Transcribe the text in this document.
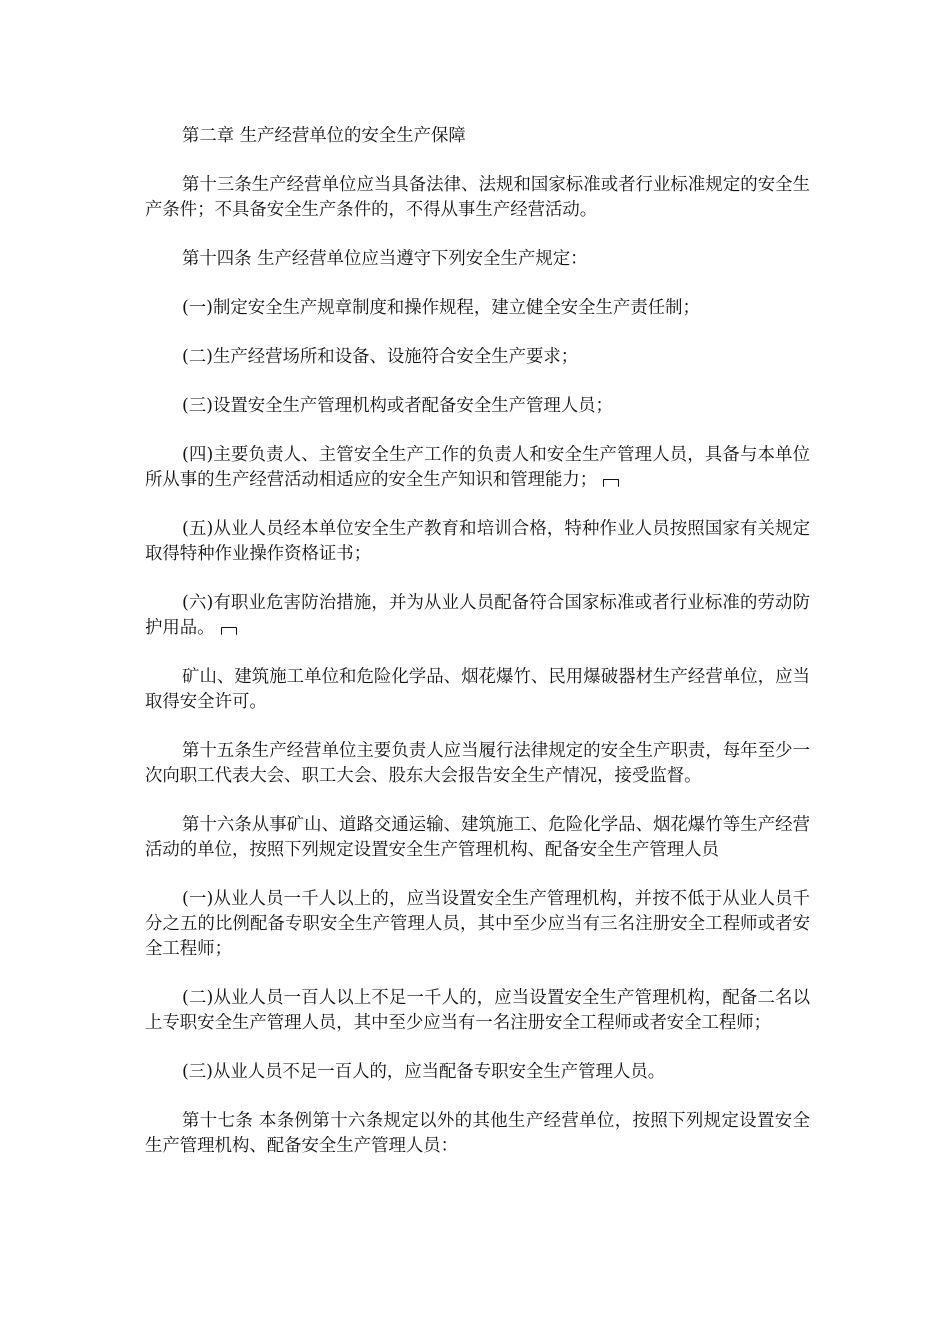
第二章 生产经营单位的安全生产保障

第十三条生产经营单位应当具备法律、法规和国家标准或者行业标准规定的安全生产条件；不具备安全生产条件的，不得从事生产经营活动。

第十四条 生产经营单位应当遵守下列安全生产规定：

(一)制定安全生产规章制度和操作规程，建立健全安全生产责任制；

(二)生产经营场所和设备、设施符合安全生产要求；

(三)设置安全生产管理机构或者配备安全生产管理人员；

(四)主要负责人、主管安全生产工作的负责人和安全生产管理人员，具备与本单位所从事的生产经营活动相适应的安全生产知识和管理能力；

(五)从业人员经本单位安全生产教育和培训合格，特种作业人员按照国家有关规定取得特种作业操作资格证书；

(六)有职业危害防治措施，并为从业人员配备符合国家标准或者行业标准的劳动防护用品。

矿山、建筑施工单位和危险化学品、烟花爆竹、民用爆破器材生产经营单位，应当取得安全许可。

第十五条生产经营单位主要负责人应当履行法律规定的安全生产职责，每年至少一次向职工代表大会、职工大会、股东大会报告安全生产情况，接受监督。

第十六条从事矿山、道路交通运输、建筑施工、危险化学品、烟花爆竹等生产经营活动的单位，按照下列规定设置安全生产管理机构、配备安全生产管理人员

(一)从业人员一千人以上的，应当设置安全生产管理机构，并按不低于从业人员千分之五的比例配备专职安全生产管理人员，其中至少应当有三名注册安全工程师或者安全工程师；

(二)从业人员一百人以上不足一千人的，应当设置安全生产管理机构，配备二名以上专职安全生产管理人员，其中至少应当有一名注册安全工程师或者安全工程师；

(三)从业人员不足一百人的，应当配备专职安全生产管理人员。

第十七条 本条例第十六条规定以外的其他生产经营单位，按照下列规定设置安全生产管理机构、配备安全生产管理人员：
